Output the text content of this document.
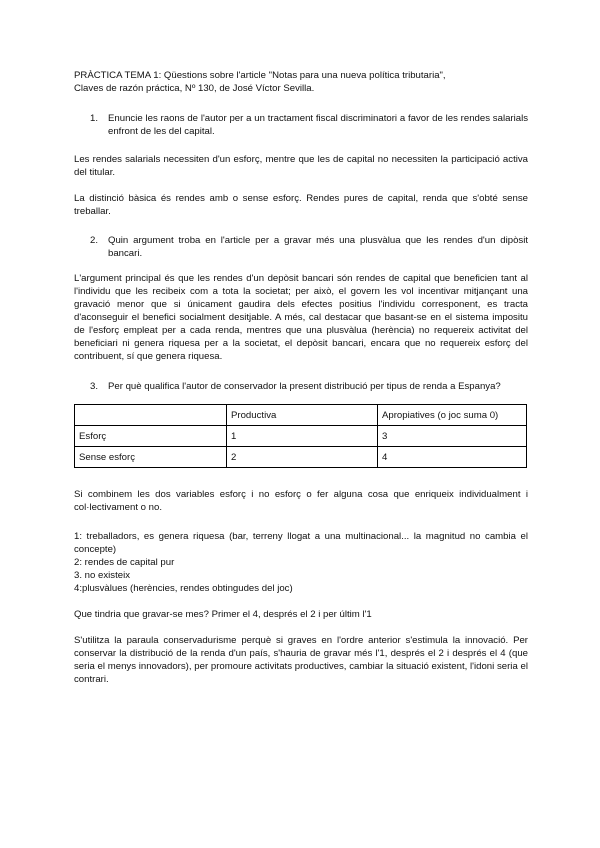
PRÀCTICA TEMA 1: Qüestions sobre l'article "Notas para una nueva política tributaria",
Claves de razón práctica, Nº 130, de José Víctor Sevilla.
1. Enuncie les raons de l'autor per a un tractament fiscal discriminatori a favor de les rendes salarials enfront de les del capital.

Les rendes salarials necessiten d'un esforç, mentre que les de capital no necessiten la participació activa del titular.

La distinció bàsica és rendes amb o sense esforç. Rendes pures de capital, renda que s'obté sense treballar.

2. Quin argument troba en l'article per a gravar més una plusvàlua que les rendes d'un dipòsit bancari.

L'argument principal és que les rendes d'un depòsit bancari són rendes de capital que beneficien tant al l'individu que les recibeix com a tota la societat; per això, el govern les vol incentivar mitjançant una gravació menor que si únicament gaudira dels efectes positius l'individu corresponent, es tracta d'aconseguir el benefici socialment desitjable. A més, cal destacar que basant-se en el sistema impositu de l'esforç empleat per a cada renda, mentres que una plusvàlua (herència) no requereix activitat del beneficiari ni genera riquesa per a la societat, el depòsit bancari, encara que no requereix esforç del contribuent, sí que genera riquesa.

3. Per què qualifica l'autor de conservador la present distribució per tipus de renda a Espanya?

	Productiva	Apropiatives (o joc suma 0)
Esforç	1	3
Sense esforç	2	4

Si combinem les dos variables esforç i no esforç o fer alguna cosa que enriqueix individualment i col·lectivament o no.

1: treballadors, es genera riquesa (bar, terreny llogat a una multinacional... la magnitud no cambia el concepte)

2: rendes de capital pur
3. no existeix
4:plusvàlues (herències, rendes obtingudes del joc)

Que tindria que gravar-se mes? Primer el 4, després el 2 i per últim l'1

S'utilitza la paraula conservadurisme perquè si graves en l'ordre anterior s'estimula la innovació. Per conservar la distribució de la renda d'un país, s'hauria de gravar més l'1, després el 2 i després el 4 (que seria el menys innovadors), per promoure activitats productives, cambiar la situació existent, l'idoni seria el contrari.
